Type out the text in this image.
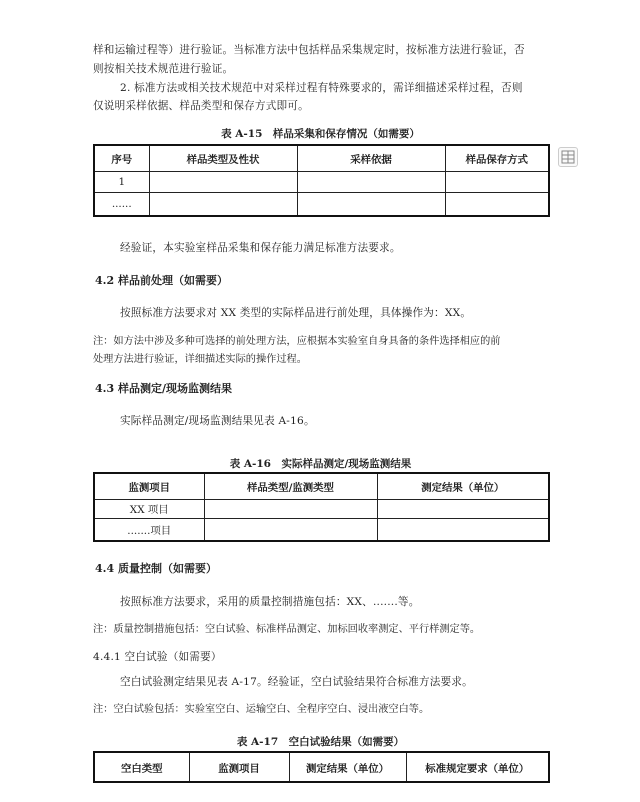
样和运输过程等）进行验证。当标准方法中包括样品采集规定时，按标准方法进行验证，否
则按相关技术规范进行验证。
2. 标准方法或相关技术规范中对采样过程有特殊要求的，需详细描述采样过程，否则
仅说明采样依据、样品类型和保存方式即可。
表 A-15　样品采集和保存情况（如需要）
序号	样品类型及性状	采样依据	样品保存方式
1			
......			
经验证，本实验室样品采集和保存能力满足标准方法要求。
4.2 样品前处理（如需要）
按照标准方法要求对 XX 类型的实际样品进行前处理，具体操作为：XX。
注：如方法中涉及多种可选择的前处理方法，应根据本实验室自身具备的条件选择相应的前
处理方法进行验证，详细描述实际的操作过程。
4.3 样品测定/现场监测结果
实际样品测定/现场监测结果见表 A-16。
表 A-16　实际样品测定/现场监测结果
监测项目	样品类型/监测类型	测定结果（单位）
XX 项目		
.......项目		
4.4 质量控制（如需要）
按照标准方法要求，采用的质量控制措施包括：XX、.......等。
注：质量控制措施包括：空白试验、标准样品测定、加标回收率测定、平行样测定等。
4.4.1 空白试验（如需要）
空白试验测定结果见表 A-17。经验证，空白试验结果符合标准方法要求。
注：空白试验包括：实验室空白、运输空白、全程序空白、浸出液空白等。
表 A-17　空白试验结果（如需要）
空白类型	监测项目	测定结果（单位）	标准规定要求（单位）
